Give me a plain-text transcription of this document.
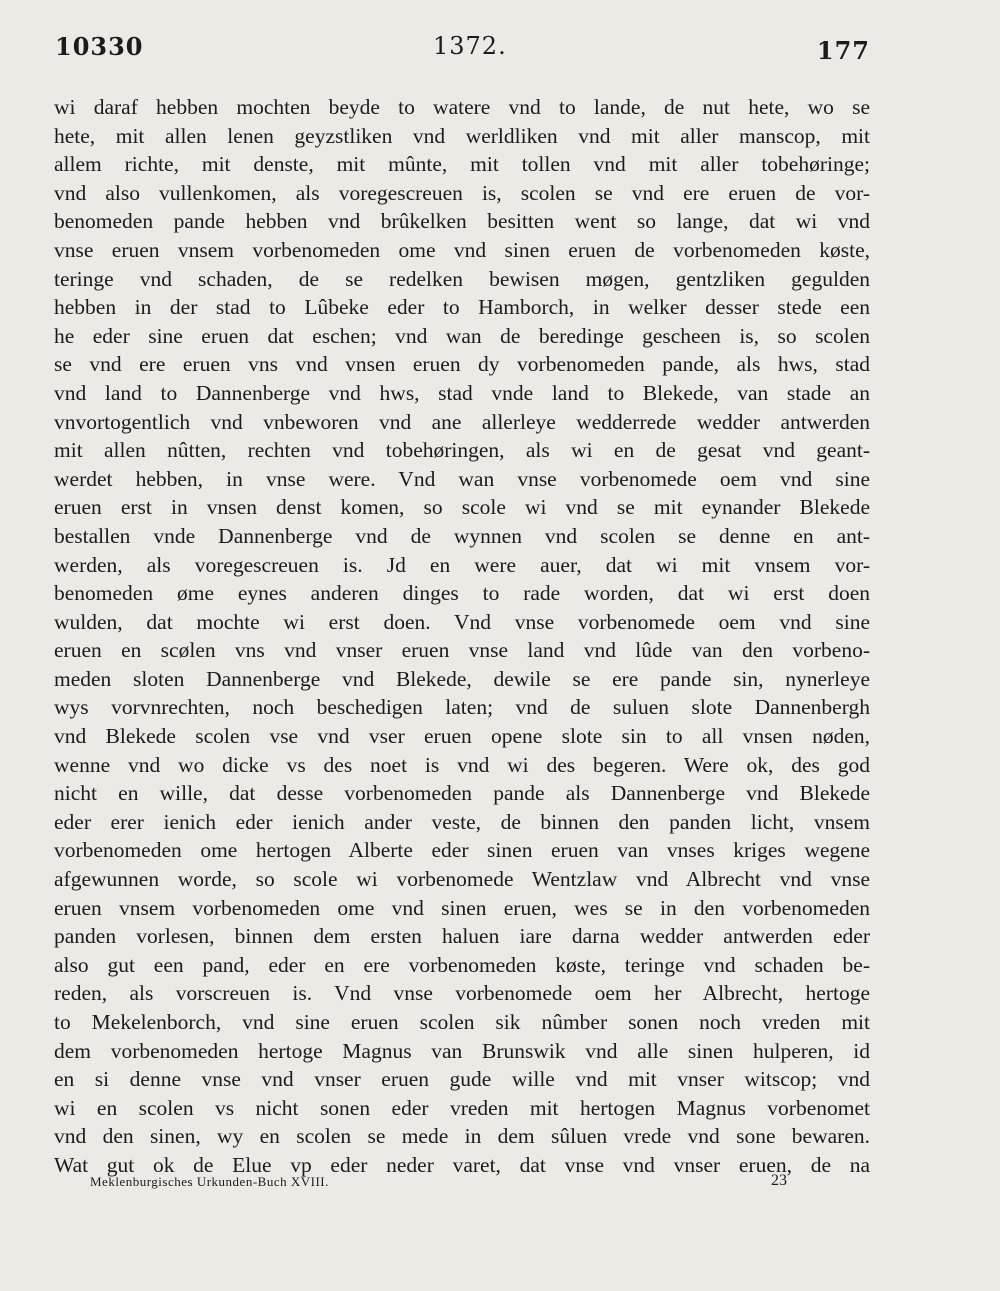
10330	1372.	177
wi daraf hebben mochten beyde to watere vnd to lande, de nut hete, wo se
hete, mit allen lenen geyzstliken vnd werldliken vnd mit aller manscop, mit
allem richte, mit denste, mit mûnte, mit tollen vnd mit aller tobehøringe;
vnd also vullenkomen, als voregescreuen is, scolen se vnd ere eruen de vor-
benomeden pande hebben vnd brûkelken besitten went so lange, dat wi vnd
vnse eruen vnsem vorbenomeden ome vnd sinen eruen de vorbenomeden køste,
teringe vnd schaden, de se redelken bewisen møgen, gentzliken gegulden
hebben in der stad to Lûbeke eder to Hamborch, in welker desser stede een
he eder sine eruen dat eschen; vnd wan de beredinge gescheen is, so scolen
se vnd ere eruen vns vnd vnsen eruen dy vorbenomeden pande, als hws, stad
vnd land to Dannenberge vnd hws, stad vnde land to Blekede, van stade an
vnvortogentlich vnd vnbeworen vnd ane allerleye wedderrede wedder antwerden
mit allen nûtten, rechten vnd tobehøringen, als wi en de gesat vnd geant-
werdet hebben, in vnse were. Vnd wan vnse vorbenomede oem vnd sine
eruen erst in vnsen denst komen, so scole wi vnd se mit eynander Blekede
bestallen vnde Dannenberge vnd de wynnen vnd scolen se denne en ant-
werden, als voregescreuen is. Jd en were auer, dat wi mit vnsem vor-
benomeden øme eynes anderen dinges to rade worden, dat wi erst doen
wulden, dat mochte wi erst doen. Vnd vnse vorbenomede oem vnd sine
eruen en scølen vns vnd vnser eruen vnse land vnd lûde van den vorbeno-
meden sloten Dannenberge vnd Blekede, dewile se ere pande sin, nynerleye
wys vorvnrechten, noch beschedigen laten; vnd de suluen slote Dannenbergh
vnd Blekede scolen vse vnd vser eruen opene slote sin to all vnsen nøden,
wenne vnd wo dicke vs des noet is vnd wi des begeren. Were ok, des god
nicht en wille, dat desse vorbenomeden pande als Dannenberge vnd Blekede
eder erer ienich eder ienich ander veste, de binnen den panden licht, vnsem
vorbenomeden ome hertogen Alberte eder sinen eruen van vnses kriges wegene
afgewunnen worde, so scole wi vorbenomede Wentzlaw vnd Albrecht vnd vnse
eruen vnsem vorbenomeden ome vnd sinen eruen, wes se in den vorbenomeden
panden vorlesen, binnen dem ersten haluen iare darna wedder antwerden eder
also gut een pand, eder en ere vorbenomeden køste, teringe vnd schaden be-
reden, als vorscreuen is. Vnd vnse vorbenomede oem her Albrecht, hertoge
to Mekelenborch, vnd sine eruen scolen sik nûmber sonen noch vreden mit
dem vorbenomeden hertoge Magnus van Brunswik vnd alle sinen hulperen, id
en si denne vnse vnd vnser eruen gude wille vnd mit vnser witscop; vnd
wi en scolen vs nicht sonen eder vreden mit hertogen Magnus vorbenomet
vnd den sinen, wy en scolen se mede in dem sûluen vrede vnd sone bewaren.
Wat gut ok de Elue vp eder neder varet, dat vnse vnd vnser eruen, de na
Meklenburgisches Urkunden-Buch XVIII.	23
